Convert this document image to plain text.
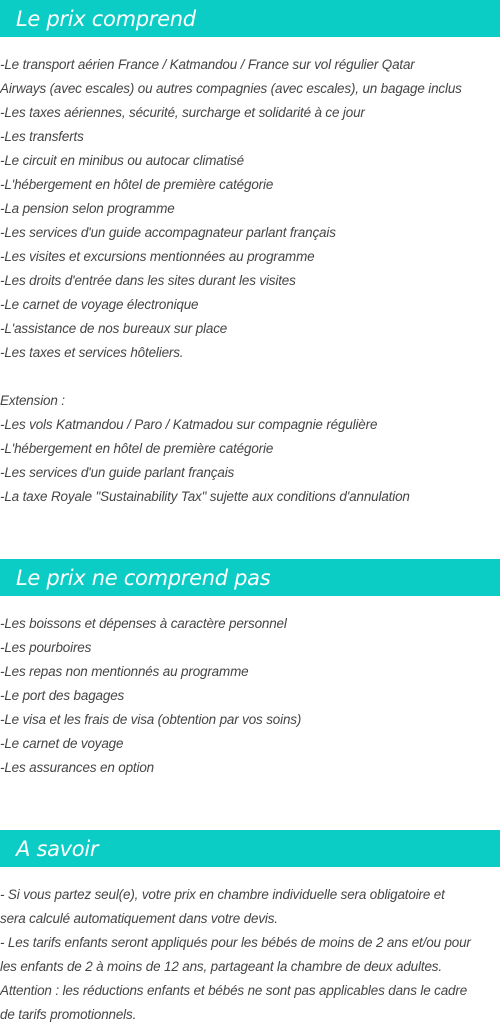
Le prix comprend
-Le transport aérien France / Katmandou / France sur vol régulier Qatar
Airways (avec escales) ou autres compagnies (avec escales), un bagage inclus
-Les taxes aériennes, sécurité, surcharge et solidarité à ce jour
-Les transferts
-Le circuit en minibus ou autocar climatisé
-L'hébergement en hôtel de première catégorie
-La pension selon programme
-Les services d'un guide accompagnateur parlant français
-Les visites et excursions mentionnées au programme
-Les droits d'entrée dans les sites durant les visites
-Le carnet de voyage électronique
-L'assistance de nos bureaux sur place
-Les taxes et services hôteliers.
Extension :
-Les vols Katmandou / Paro / Katmadou sur compagnie régulière
-L'hébergement en hôtel de première catégorie
-Les services d'un guide parlant français
-La taxe Royale "Sustainability Tax" sujette aux conditions d'annulation
Le prix ne comprend pas
-Les boissons et dépenses à caractère personnel
-Les pourboires
-Les repas non mentionnés au programme
-Le port des bagages
-Le visa et les frais de visa (obtention par vos soins)
-Le carnet de voyage
-Les assurances en option
A savoir
- Si vous partez seul(e), votre prix en chambre individuelle sera obligatoire et
sera calculé automatiquement dans votre devis.
- Les tarifs enfants seront appliqués pour les bébés de moins de 2 ans et/ou pour
les enfants de 2 à moins de 12 ans, partageant la chambre de deux adultes.
Attention : les réductions enfants et bébés ne sont pas applicables dans le cadre
de tarifs promotionnels.
